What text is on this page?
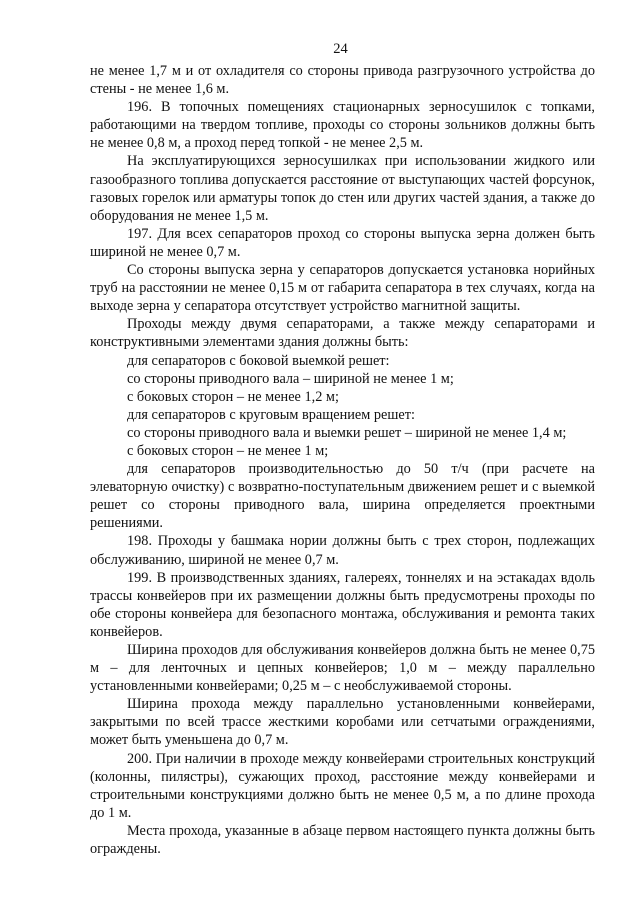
24

не менее 1,7 м и от охладителя со стороны привода разгрузочного устройства до стены - не менее 1,6 м.

196. В топочных помещениях стационарных зерносушилок с топками, работающими на твердом топливе, проходы со стороны зольников должны быть не менее 0,8 м, а проход перед топкой - не менее 2,5 м.

На эксплуатирующихся зерносушилках при использовании жидкого или газообразного топлива допускается расстояние от выступающих частей форсунок, газовых горелок или арматуры топок до стен или других частей здания, а также до оборудования не менее 1,5 м.

197. Для всех сепараторов проход со стороны выпуска зерна должен быть шириной не менее 0,7 м.

Со стороны выпуска зерна у сепараторов допускается установка норийных труб на расстоянии не менее 0,15 м от габарита сепаратора в тех случаях, когда на выходе зерна у сепаратора отсутствует устройство магнитной защиты.

Проходы между двумя сепараторами, а также между сепараторами и конструктивными элементами здания должны быть:

для сепараторов с боковой выемкой решет:

со стороны приводного вала – шириной не менее 1 м;

с боковых сторон – не менее 1,2 м;

для сепараторов с круговым вращением решет:

со стороны приводного вала и выемки решет – шириной не менее 1,4 м;

с боковых сторон – не менее 1 м;

для сепараторов производительностью до 50 т/ч (при расчете на элеваторную очистку) с возвратно-поступательным движением решет и с выемкой решет со стороны приводного вала, ширина определяется проектными решениями.

198. Проходы у башмака нории должны быть с трех сторон, подлежащих обслуживанию, шириной не менее 0,7 м.

199. В производственных зданиях, галереях, тоннелях и на эстакадах вдоль трассы конвейеров при их размещении должны быть предусмотрены проходы по обе стороны конвейера для безопасного монтажа, обслуживания и ремонта таких конвейеров.

Ширина проходов для обслуживания конвейеров должна быть не менее 0,75 м – для ленточных и цепных конвейеров; 1,0 м – между параллельно установленными конвейерами; 0,25 м – с необслуживаемой стороны.

Ширина прохода между параллельно установленными конвейерами, закрытыми по всей трассе жесткими коробами или сетчатыми ограждениями, может быть уменьшена до 0,7 м.

200. При наличии в проходе между конвейерами строительных конструкций (колонны, пилястры), сужающих проход, расстояние между конвейерами и строительными конструкциями должно быть не менее 0,5 м, а по длине прохода до 1 м.

Места прохода, указанные в абзаце первом настоящего пункта должны быть ограждены.
